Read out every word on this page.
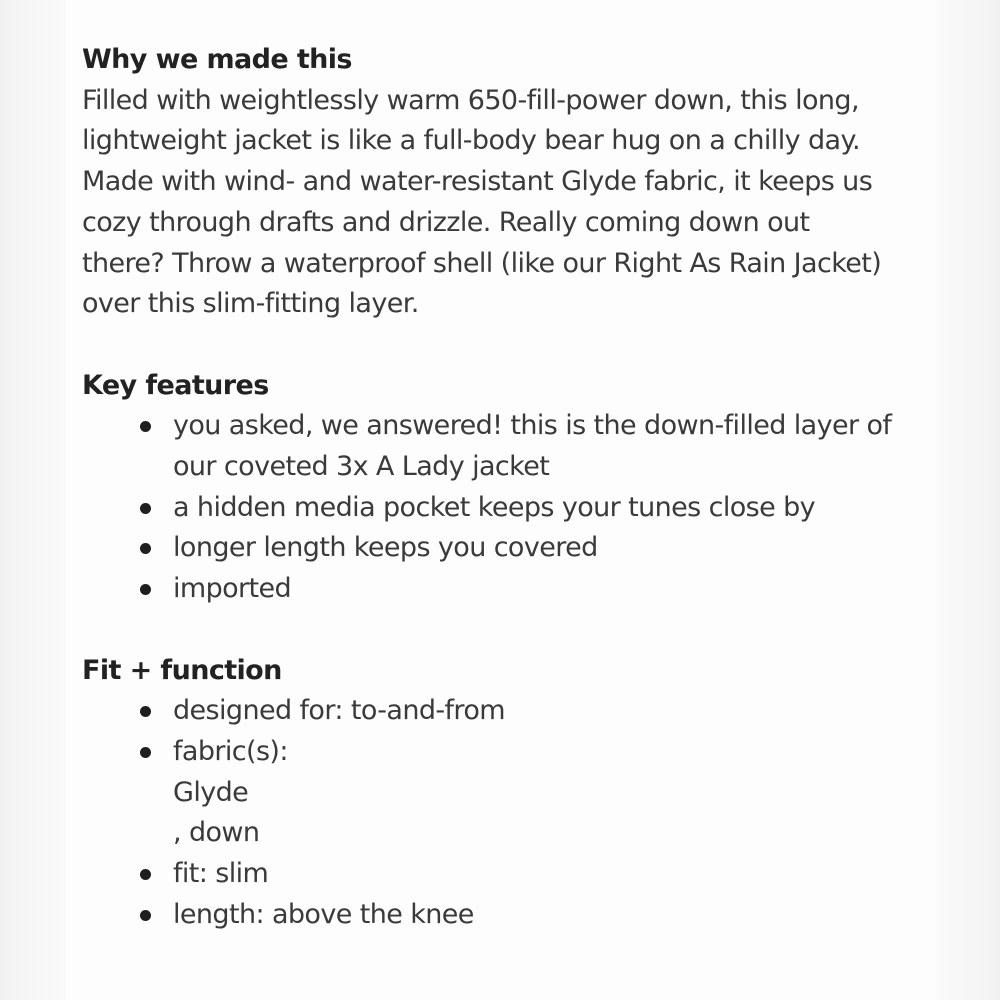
Why we made this

Filled with weightlessly warm 650-fill-power down, this long,
lightweight jacket is like a full-body bear hug on a chilly day.
Made with wind- and water-resistant Glyde fabric, it keeps us
cozy through drafts and drizzle. Really coming down out
there? Throw a waterproof shell (like our Right As Rain Jacket)
over this slim-fitting layer.

Key features
you asked, we answered! this is the down-filled layer of
our coveted 3x A Lady jacket
a hidden media pocket keeps your tunes close by
longer length keeps you covered
imported
Fit + function
designed for: to-and-from
fabric(s):
Glyde
, down
fit: slim
length: above the knee
